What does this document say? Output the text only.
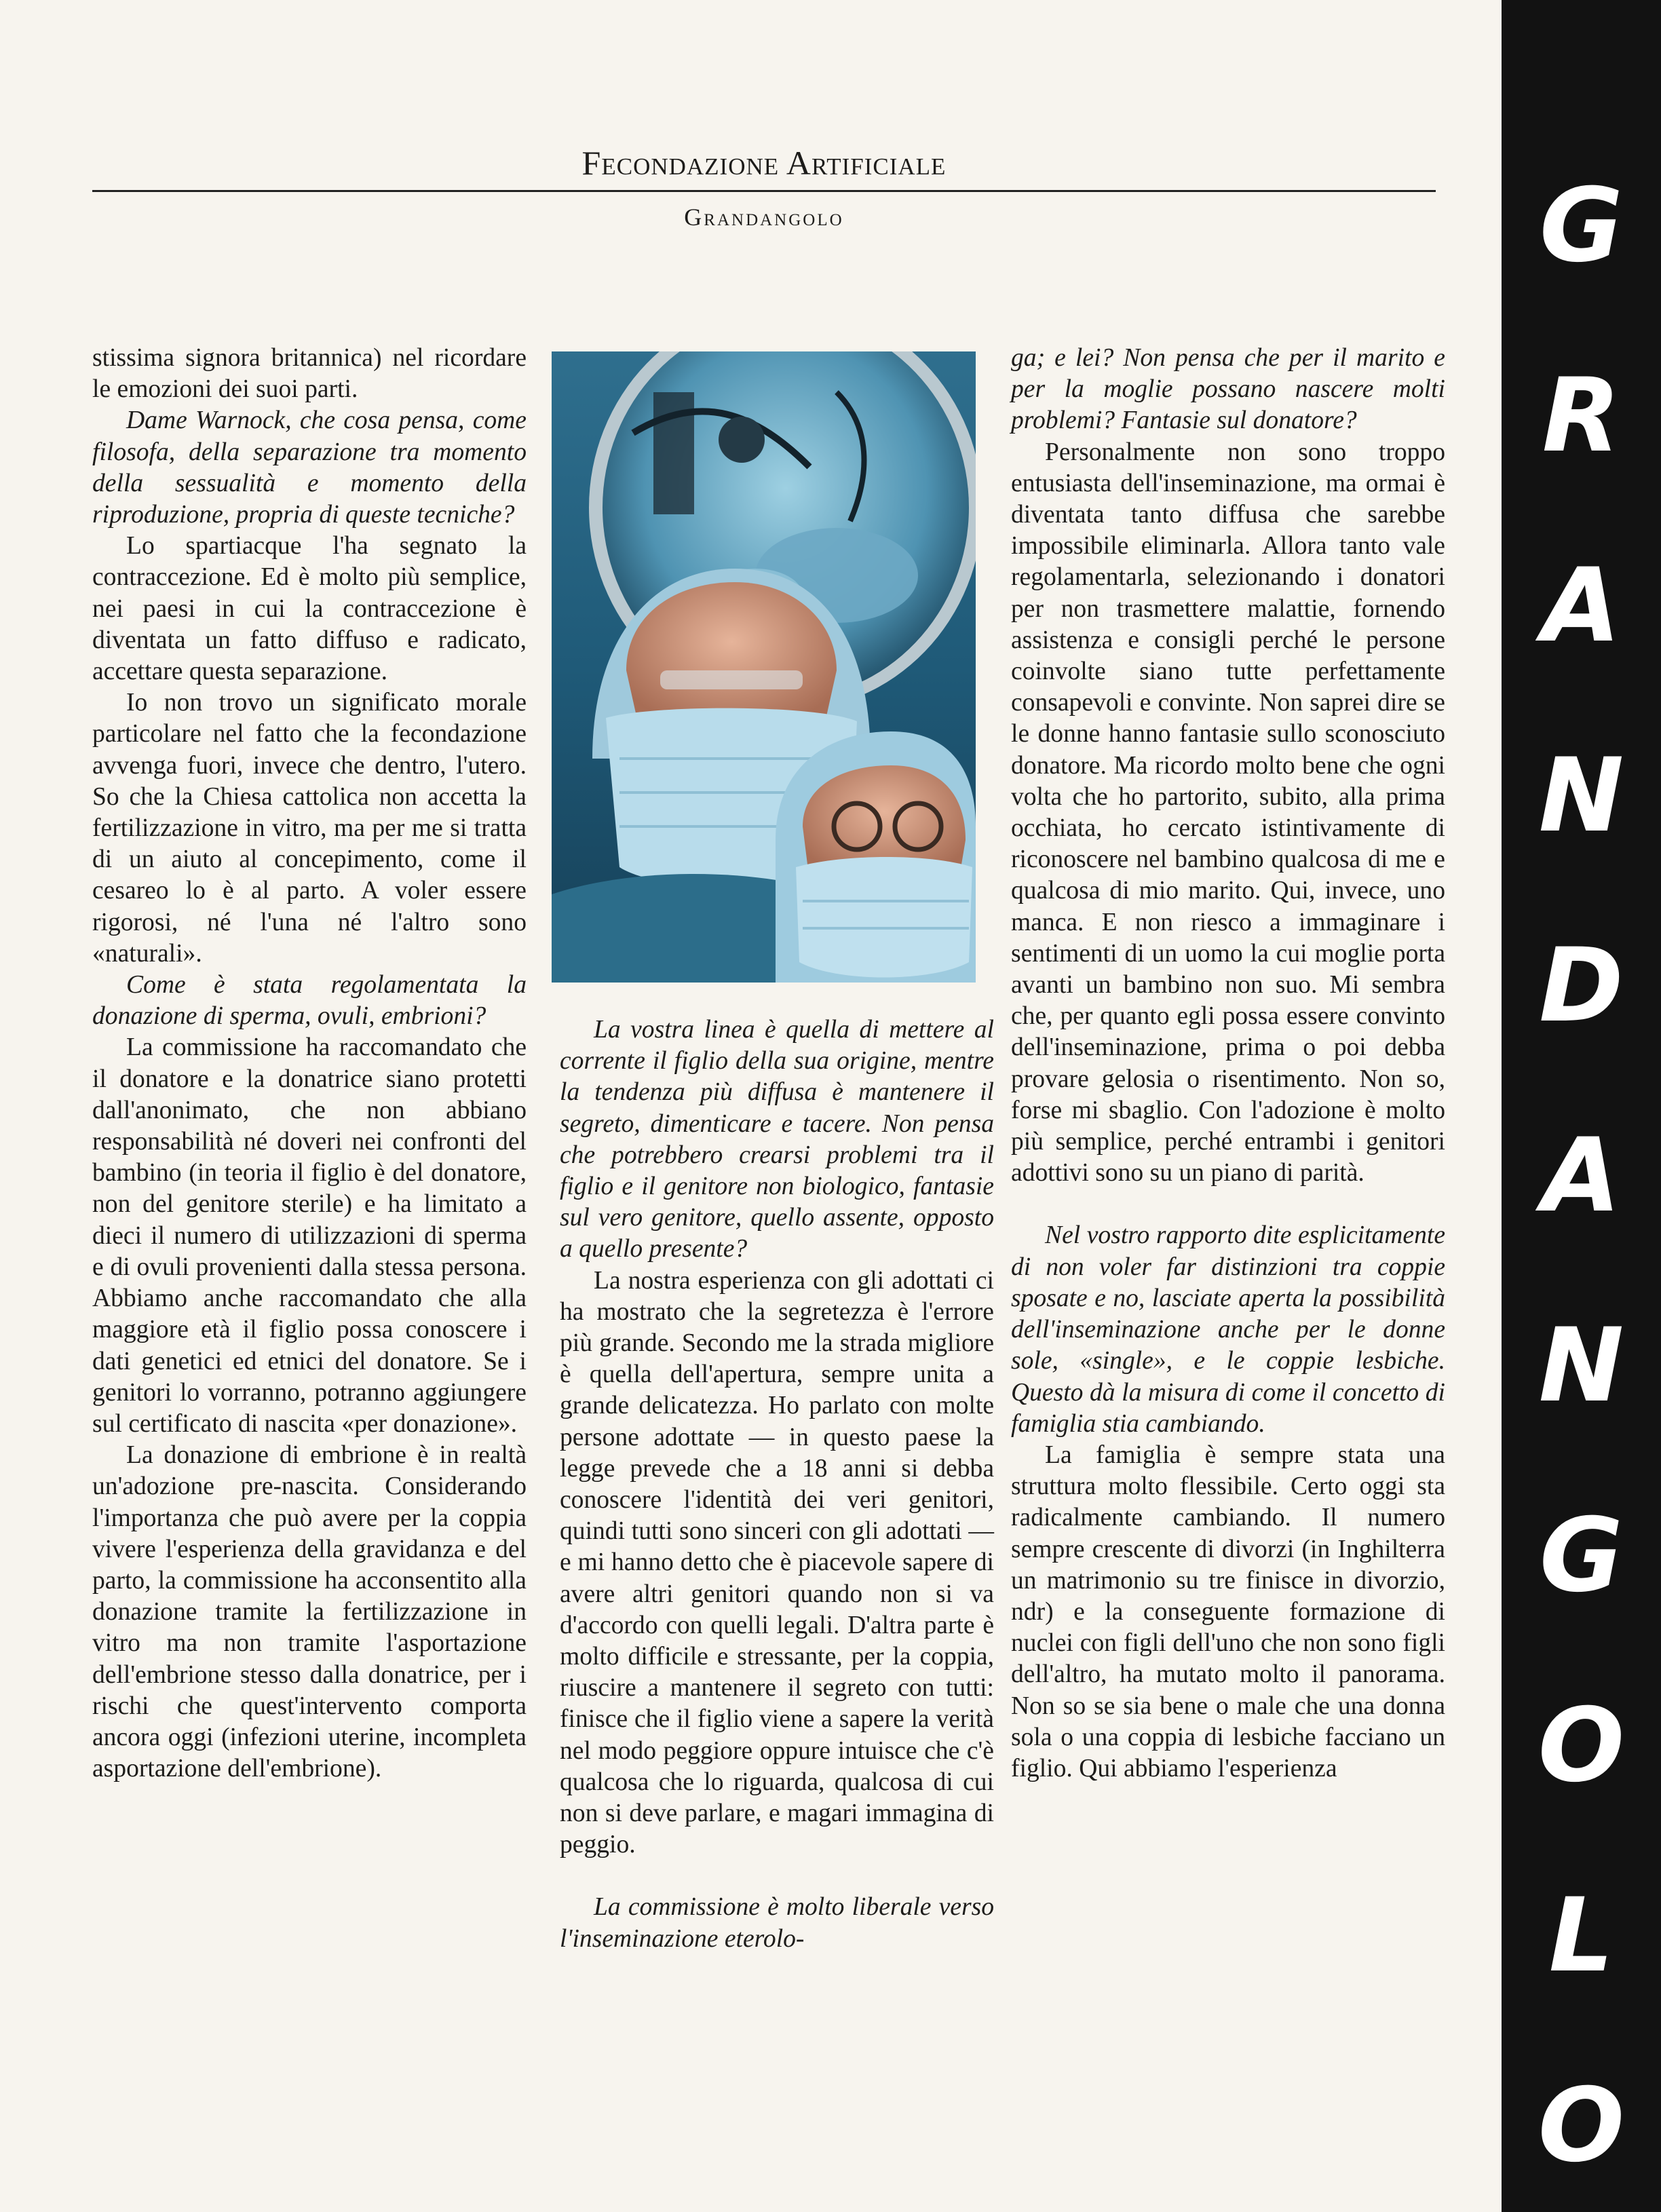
Fecondazione Artificiale
Grandangolo

stissima signora britannica) nel ricordare le emozioni dei suoi parti.

Dame Warnock, che cosa pensa, come filosofa, della separazione tra momento della sessualità e momento della riproduzione, propria di queste tecniche?

Lo spartiacque l'ha segnato la contraccezione. Ed è molto più semplice, nei paesi in cui la contraccezione è diventata un fatto diffuso e radicato, accettare questa separazione.

Io non trovo un significato morale particolare nel fatto che la fecondazione avvenga fuori, invece che dentro, l'utero. So che la Chiesa cattolica non accetta la fertilizzazione in vitro, ma per me si tratta di un aiuto al concepimento, come il cesareo lo è al parto. A voler essere rigorosi, né l'una né l'altro sono «naturali».

Come è stata regolamentata la donazione di sperma, ovuli, embrioni?

La commissione ha raccomandato che il donatore e la donatrice siano protetti dall'anonimato, che non abbiano responsabilità né doveri nei confronti del bambino (in teoria il figlio è del donatore, non del genitore sterile) e ha limitato a dieci il numero di utilizzazioni di sperma e di ovuli provenienti dalla stessa persona. Abbiamo anche raccomandato che alla maggiore età il figlio possa conoscere i dati genetici ed etnici del donatore. Se i genitori lo vorranno, potranno aggiungere sul certificato di nascita «per donazione».

La donazione di embrione è in realtà un'adozione pre-nascita. Considerando l'importanza che può avere per la coppia vivere l'esperienza della gravidanza e del parto, la commissione ha acconsentito alla donazione tramite la fertilizzazione in vitro ma non tramite l'asportazione dell'embrione stesso dalla donatrice, per i rischi che quest'intervento comporta ancora oggi (infezioni uterine, incompleta asportazione dell'embrione).

La vostra linea è quella di mettere al corrente il figlio della sua origine, mentre la tendenza più diffusa è mantenere il segreto, dimenticare e tacere. Non pensa che potrebbero crearsi problemi tra il figlio e il genitore non biologico, fantasie sul vero genitore, quello assente, opposto a quello presente?

La nostra esperienza con gli adottati ci ha mostrato che la segretezza è l'errore più grande. Secondo me la strada migliore è quella dell'apertura, sempre unita a grande delicatezza. Ho parlato con molte persone adottate — in questo paese la legge prevede che a 18 anni si debba conoscere l'identità dei veri genitori, quindi tutti sono sinceri con gli adottati — e mi hanno detto che è piacevole sapere di avere altri genitori quando non si va d'accordo con quelli legali. D'altra parte è molto difficile e stressante, per la coppia, riuscire a mantenere il segreto con tutti: finisce che il figlio viene a sapere la verità nel modo peggiore oppure intuisce che c'è qualcosa che lo riguarda, qualcosa di cui non si deve parlare, e magari immagina di peggio.

La commissione è molto liberale verso l'inseminazione eterolo-

ga; e lei? Non pensa che per il marito e per la moglie possano nascere molti problemi? Fantasie sul donatore?

Personalmente non sono troppo entusiasta dell'inseminazione, ma ormai è diventata tanto diffusa che sarebbe impossibile eliminarla. Allora tanto vale regolamentarla, selezionando i donatori per non trasmettere malattie, fornendo assistenza e consigli perché le persone coinvolte siano tutte perfettamente consapevoli e convinte. Non saprei dire se le donne hanno fantasie sullo sconosciuto donatore. Ma ricordo molto bene che ogni volta che ho partorito, subito, alla prima occhiata, ho cercato istintivamente di riconoscere nel bambino qualcosa di me e qualcosa di mio marito. Qui, invece, uno manca. E non riesco a immaginare i sentimenti di un uomo la cui moglie porta avanti un bambino non suo. Mi sembra che, per quanto egli possa essere convinto dell'inseminazione, prima o poi debba provare gelosia o risentimento. Non so, forse mi sbaglio. Con l'adozione è molto più semplice, perché entrambi i genitori adottivi sono su un piano di parità.

Nel vostro rapporto dite esplicitamente di non voler far distinzioni tra coppie sposate e no, lasciate aperta la possibilità dell'inseminazione anche per le donne sole, «single», e le coppie lesbiche. Questo dà la misura di come il concetto di famiglia stia cambiando.

La famiglia è sempre stata una struttura molto flessibile. Certo oggi sta radicalmente cambiando. Il numero sempre crescente di divorzi (in Inghilterra un matrimonio su tre finisce in divorzio, ndr) e la conseguente formazione di nuclei con figli dell'uno che non sono figli dell'altro, ha mutato molto il panorama. Non so se sia bene o male che una donna sola o una coppia di lesbiche facciano un figlio. Qui abbiamo l'esperienza

G
R
A
N
D
A
N
G
O
L
O
